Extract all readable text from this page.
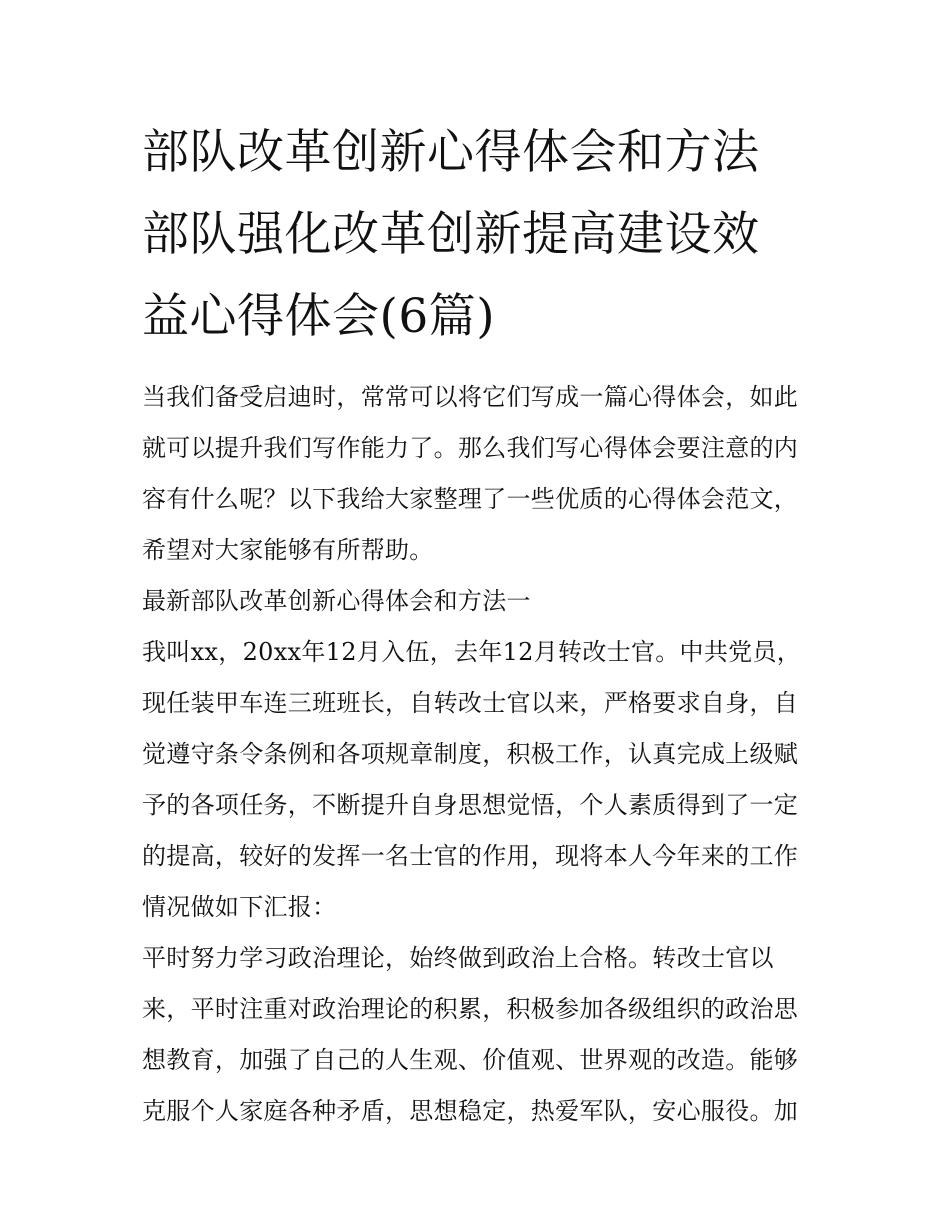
部队改革创新心得体会和方法
部队强化改革创新提高建设效
益心得体会(6篇)

当我们备受启迪时，常常可以将它们写成一篇心得体会，如此
就可以提升我们写作能力了。那么我们写心得体会要注意的内
容有什么呢？以下我给大家整理了一些优质的心得体会范文，
希望对大家能够有所帮助。

最新部队改革创新心得体会和方法一

我叫xx，20xx年12月入伍，去年12月转改士官。中共党员，
现任装甲车连三班班长，自转改士官以来，严格要求自身，自
觉遵守条令条例和各项规章制度，积极工作，认真完成上级赋
予的各项任务，不断提升自身思想觉悟，个人素质得到了一定
的提高，较好的发挥一名士官的作用，现将本人今年来的工作
情况做如下汇报：

平时努力学习政治理论，始终做到政治上合格。转改士官以
来，平时注重对政治理论的积累，积极参加各级组织的政治思
想教育，加强了自己的人生观、价值观、世界观的改造。能够
克服个人家庭各种矛盾，思想稳定，热爱军队，安心服役。加
